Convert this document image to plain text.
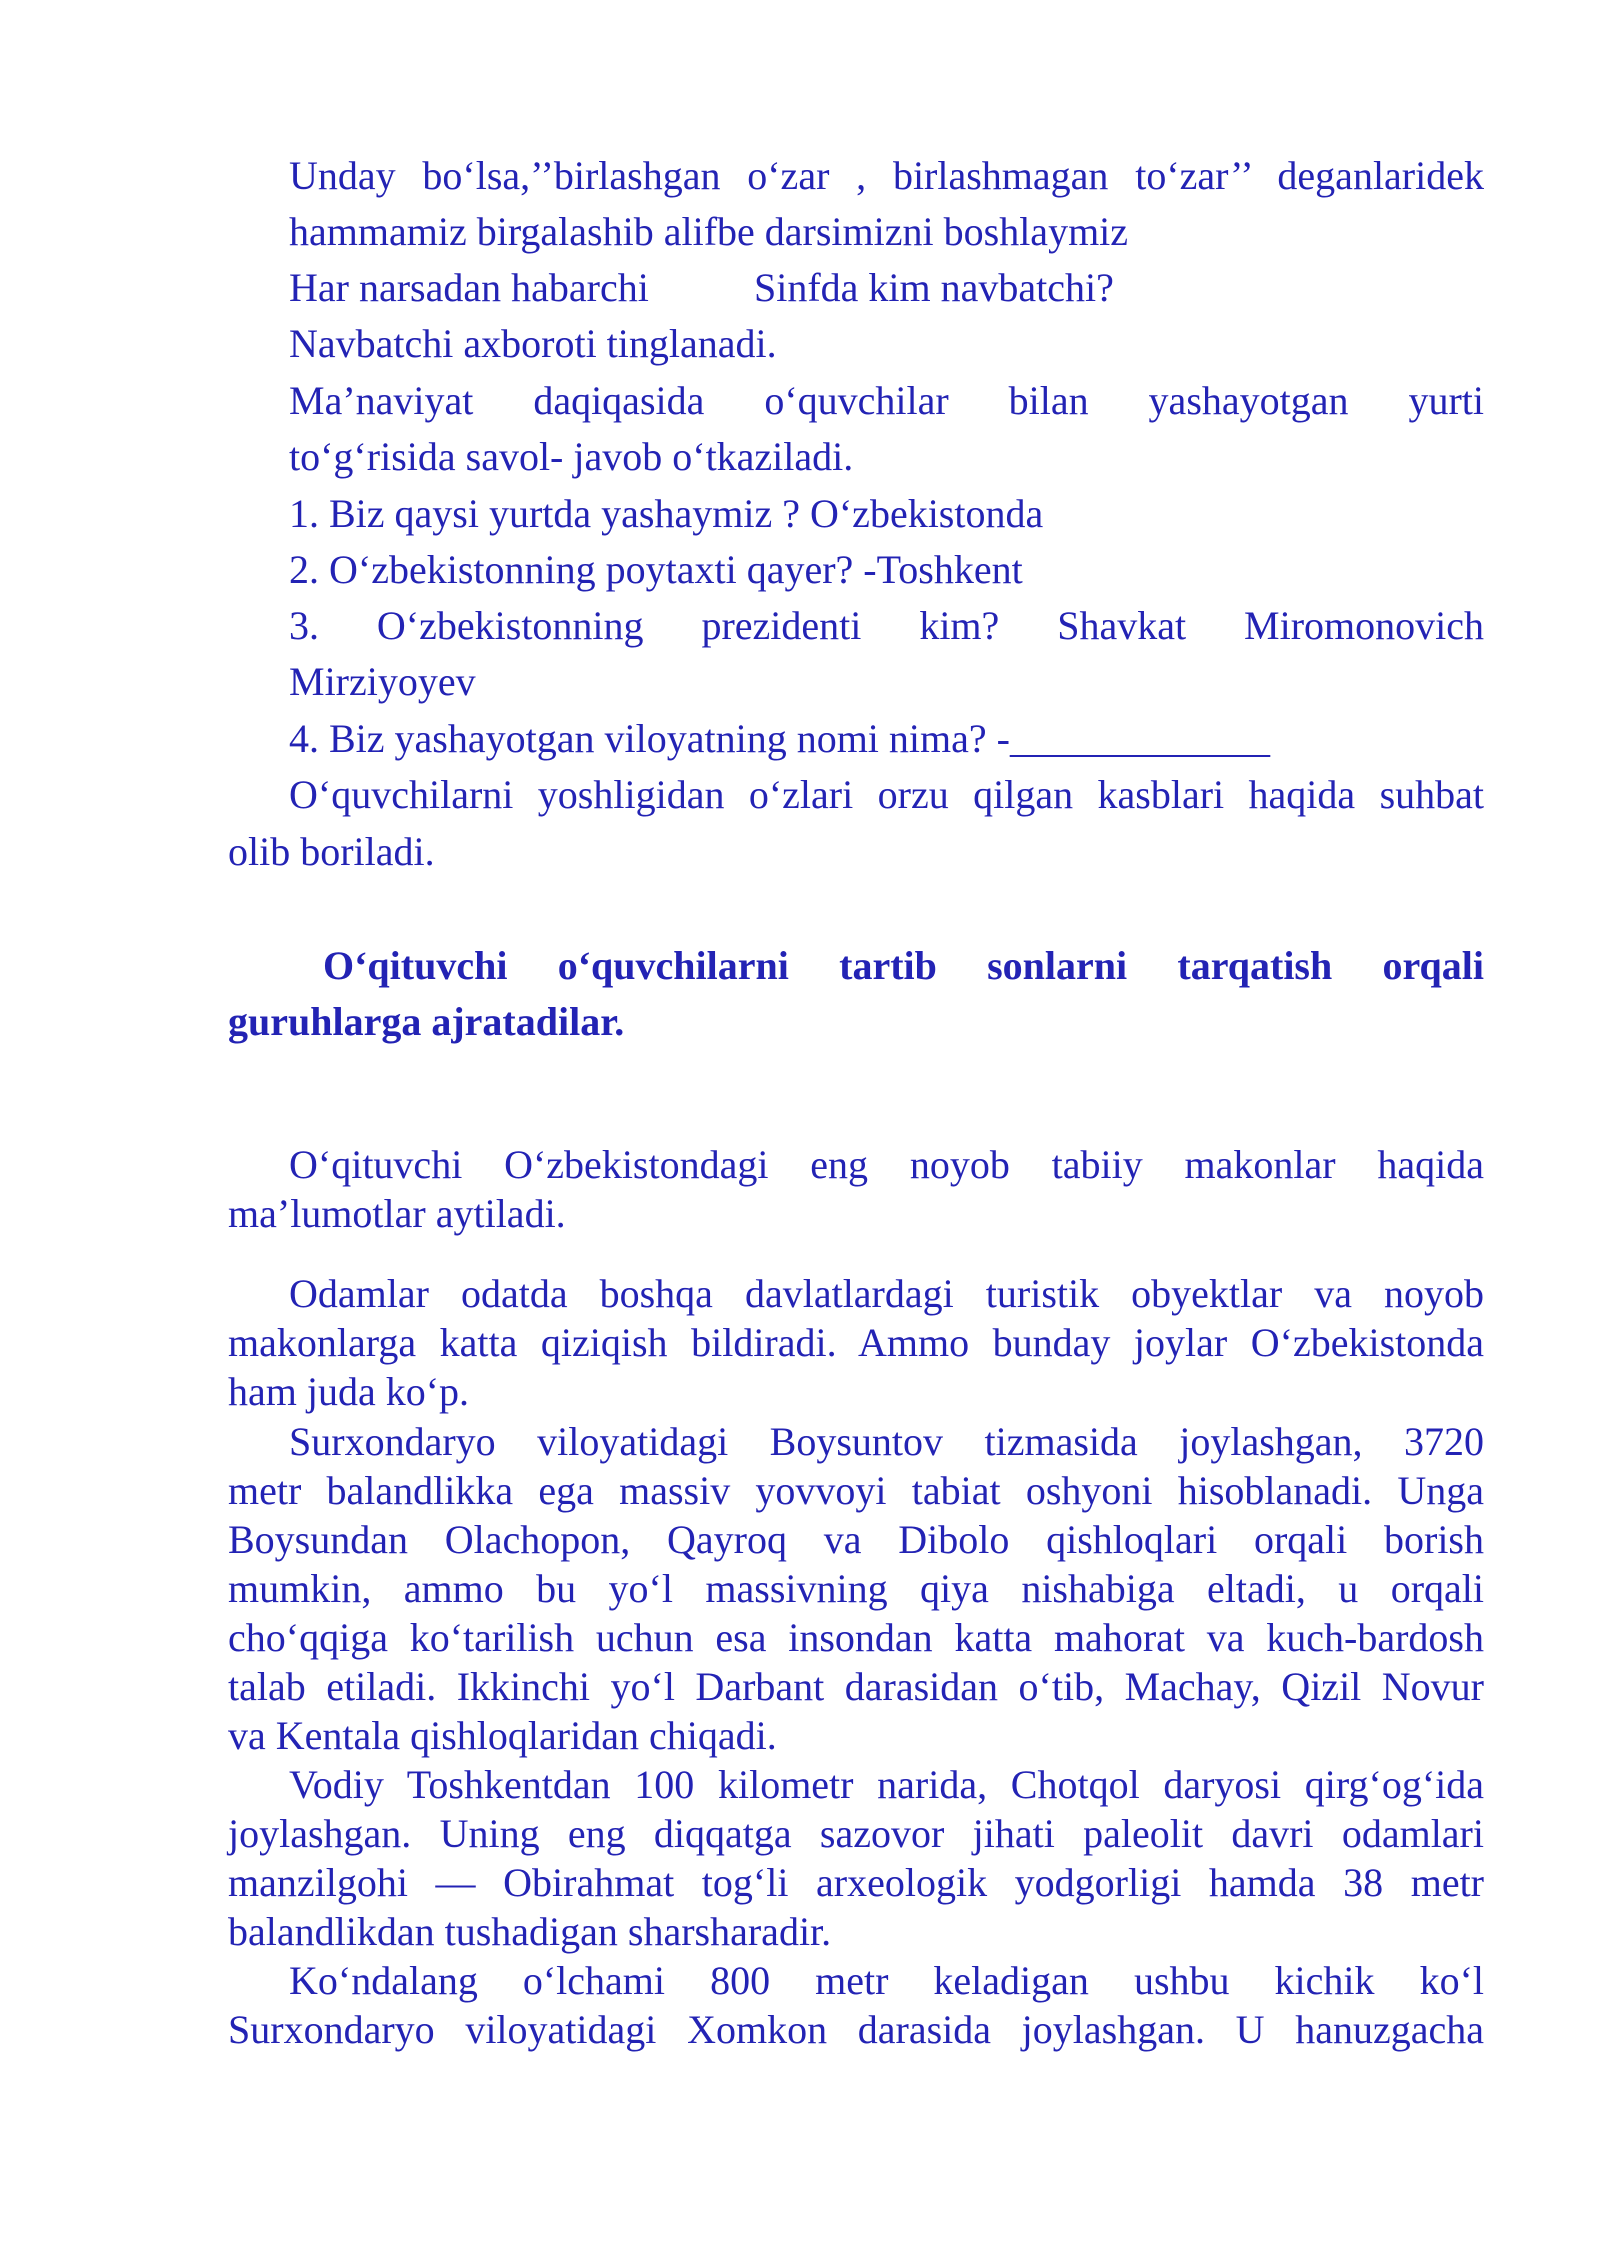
Unday bo‘lsa,’’birlashgan o‘zar , birlashmagan to‘zar’’ deganlaridek
hammamiz birgalashib alifbe darsimizni boshlaymiz
Har narsadan habarchi	Sinfda kim navbatchi?
Navbatchi axboroti tinglanadi.
Ma’naviyat daqiqasida o‘quvchilar bilan yashayotgan yurti
to‘g‘risida savol- javob o‘tkaziladi.
1. Biz qaysi yurtda yashaymiz ? O‘zbekistonda
2. O‘zbekistonning poytaxti qayer? -Toshkent
3. O‘zbekistonning prezidenti kim? Shavkat Miromonovich
Mirziyoyev
4. Biz yashayotgan viloyatning nomi nima? -_____________
O‘quvchilarni yoshligidan o‘zlari orzu qilgan kasblari haqida suhbat
olib boriladi.
O‘qituvchi o‘quvchilarni tartib sonlarni tarqatish orqali
guruhlarga ajratadilar.
O‘qituvchi O‘zbekistondagi eng noyob tabiiy makonlar haqida
ma’lumotlar aytiladi.
Odamlar odatda boshqa davlatlardagi turistik obyektlar va noyob
makonlarga katta qiziqish bildiradi. Ammo bunday joylar O‘zbekistonda
ham juda ko‘p.
Surxondaryo viloyatidagi Boysuntov tizmasida joylashgan, 3720
metr balandlikka ega massiv yovvoyi tabiat oshyoni hisoblanadi. Unga
Boysundan Olachopon, Qayroq va Dibolo qishloqlari orqali borish
mumkin, ammo bu yo‘l massivning qiya nishabiga eltadi, u orqali
cho‘qqiga ko‘tarilish uchun esa insondan katta mahorat va kuch-bardosh
talab etiladi. Ikkinchi yo‘l Darbant darasidan o‘tib, Machay, Qizil Novur
va Kentala qishloqlaridan chiqadi.
Vodiy Toshkentdan 100 kilometr narida, Chotqol daryosi qirg‘og‘ida
joylashgan. Uning eng diqqatga sazovor jihati paleolit davri odamlari
manzilgohi — Obirahmat tog‘li arxeologik yodgorligi hamda 38 metr
balandlikdan tushadigan sharsharadir.
Ko‘ndalang o‘lchami 800 metr keladigan ushbu kichik ko‘l
Surxondaryo viloyatidagi Xomkon darasida joylashgan. U hanuzgacha
